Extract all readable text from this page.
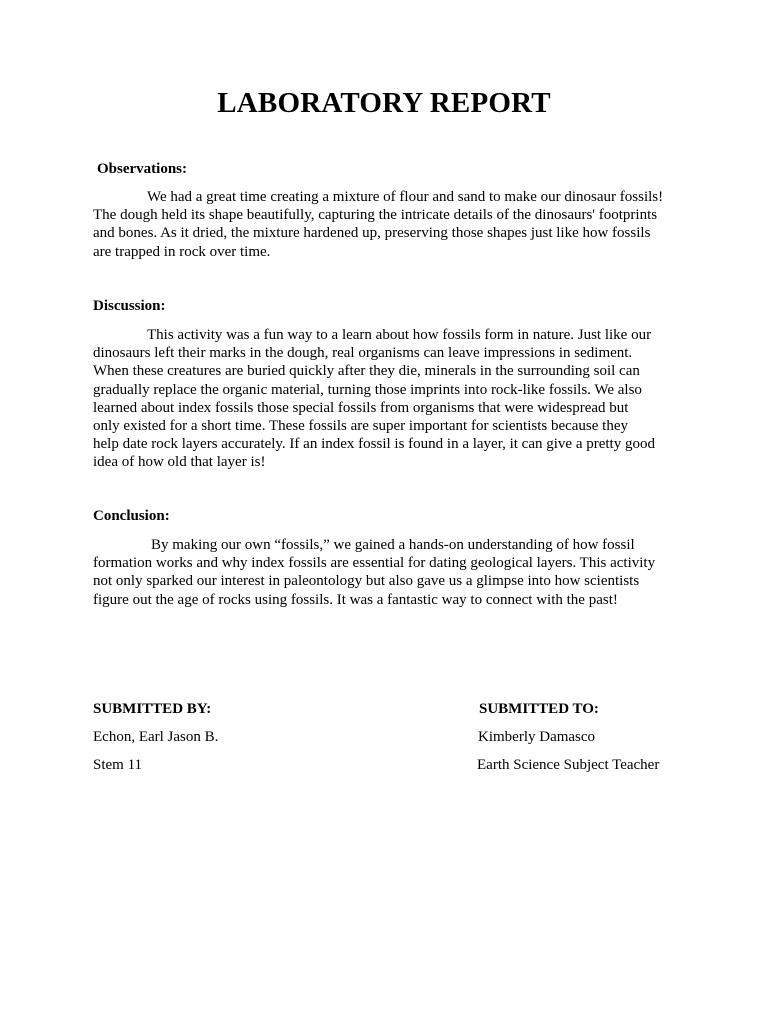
LABORATORY REPORT
Observations:
We had a great time creating a mixture of flour and sand to make our dinosaur fossils!
The dough held its shape beautifully, capturing the intricate details of the dinosaurs' footprints
and bones. As it dried, the mixture hardened up, preserving those shapes just like how fossils
are trapped in rock over time.
Discussion:
This activity was a fun way to a learn about how fossils form in nature. Just like our
dinosaurs left their marks in the dough, real organisms can leave impressions in sediment.
When these creatures are buried quickly after they die, minerals in the surrounding soil can
gradually replace the organic material, turning those imprints into rock-like fossils. We also
learned about index fossils those special fossils from organisms that were widespread but
only existed for a short time. These fossils are super important for scientists because they
help date rock layers accurately. If an index fossil is found in a layer, it can give a pretty good
idea of how old that layer is!
Conclusion:
By making our own “fossils,” we gained a hands-on understanding of how fossil
formation works and why index fossils are essential for dating geological layers. This activity
not only sparked our interest in paleontology but also gave us a glimpse into how scientists
figure out the age of rocks using fossils. It was a fantastic way to connect with the past!
SUBMITTED BY:
Echon, Earl Jason B.
Stem 11
SUBMITTED TO:
Kimberly Damasco
Earth Science Subject Teacher
